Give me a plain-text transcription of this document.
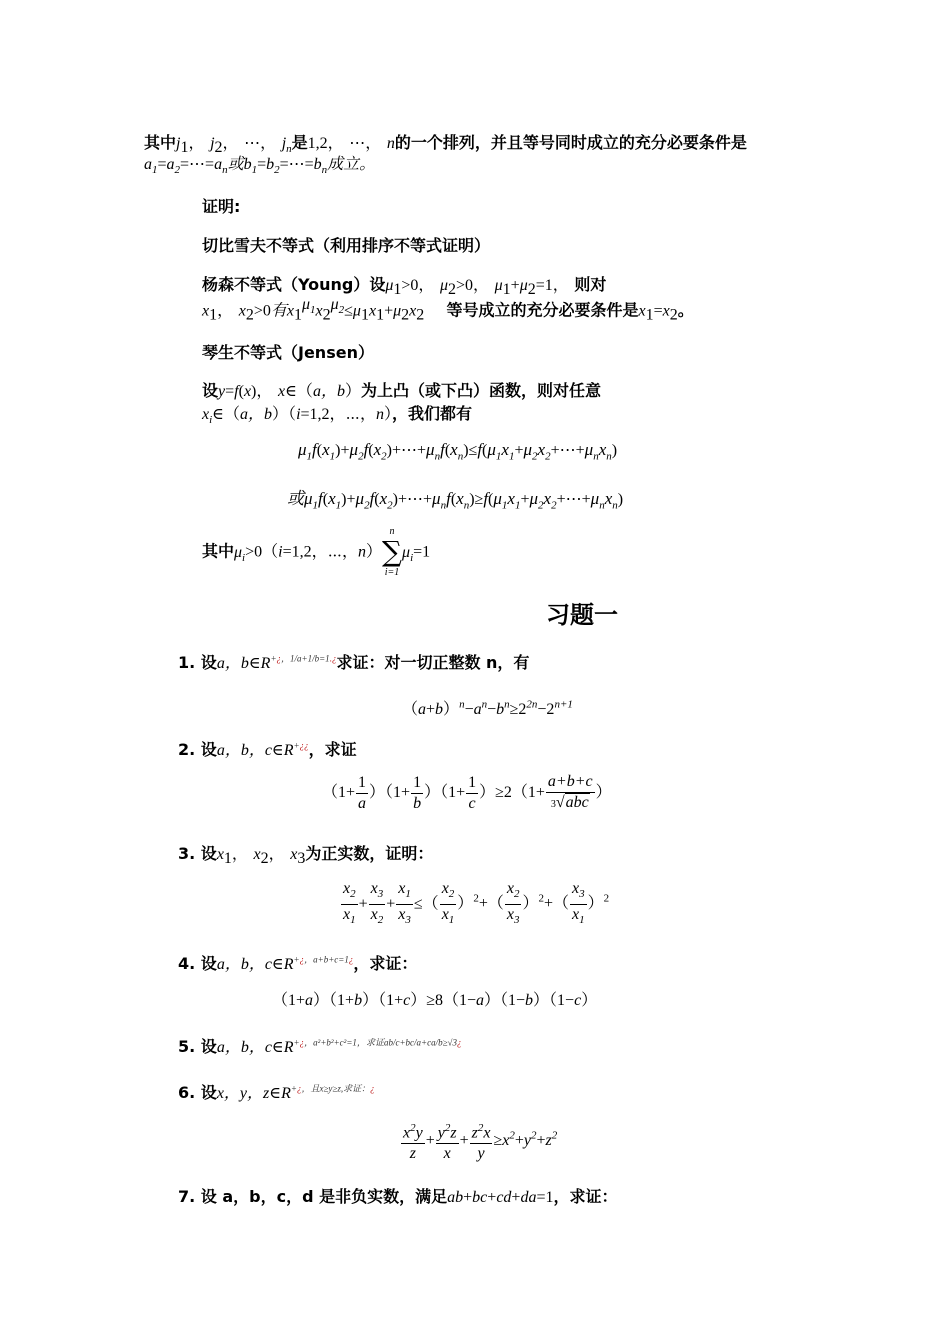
其中$j_1$， $j_2$， ⋯， $j_n$是1,2， ⋯， n的一个排列，并且等号同时成立的充分必要条件是
$a_1=a_2=\cdots=a_n$或$b_1=b_2=\cdots=b_n$成立。
证明:
切比雪夫不等式（利用排序不等式证明）
杨森不等式（Young）设$\mu_1>0$， $\mu_2>0$， $\mu_1+\mu_2=1$， 则对
$x_1$， $x_2>0$有$x_1^{\mu_1}x_2^{\mu_2}\le\mu_1x_1+\mu_2x_2$ 等号成立的充分必要条件是$x_1=x_2$。
琴生不等式（Jensen）
设y=f(x)， x∈（a，b）为上凸（或下凸）函数，则对任意
$x_i\in(a$，b）（i=1,2，⋯，n），我们都有
$\mu_1f(x_1)+\mu_2f(x_2)+\cdots+\mu_nf(x_n)\le f(\mu_1x_1+\mu_2x_2+\cdots+\mu_nx_n)$
或$\mu_1f(x_1)+\mu_2f(x_2)+\cdots+\mu_nf(x_n)\ge f(\mu_1x_1+\mu_2x_2+\cdots+\mu_nx_n)$
其中$\mu_i>0(i=1,2$，⋯，n）
n
∑
i=1
$\mu_i=1$
习题一
1. 设a，$b\in R^{+¿,1/a+1/b=1.¿}$求证：对一切正整数 n，有
$(a+b)^n-a^n-b^n\ge 2^{2n}-2^{n+1}$
2. 设a，b，c∈R+¿¿，求证
$(1+ \frac{1}{a} )(1+ \frac{1}{b} )(1+ \frac{1}{c} )\ge 2(1+ \frac{a+b+c}{\text{3√abc}}$ ）
3. 设$x_1$， $x_2$， $x_3$为正实数，证明：
$\frac{x_2}{x_1} + \frac{x_3}{x_2} + \frac{x_1}{x_3}$ ≤（ $\frac{x_2}{x_1} )^2+( \frac{x_2}{x_3} )^2+( \frac{x_3}{x_1} )^2$
4. 设a，b，$c\in R^{+¿,a+b+c=1¿}$，求证：
（1+a）（1+b）（1+c）≥8（1−a）（1−b）（1−c）
5. 设a，b，$c\in R^{+¿,a^2+b^2+c^2=1,求证ab/c+bc/a+ca/b\ge√3¿}$
6. 设x，y，$z\in R^{+¿,且x\ge y\ge z,求证:¿}$
$\frac{x^2y}{z} + \frac{y^2z}{x} + \frac{z^2x}{y} \ge x^2+y^2+z^2$
7. 设 a，b，c，d 是非负实数，满足ab+bc+cd+da=1，求证：
